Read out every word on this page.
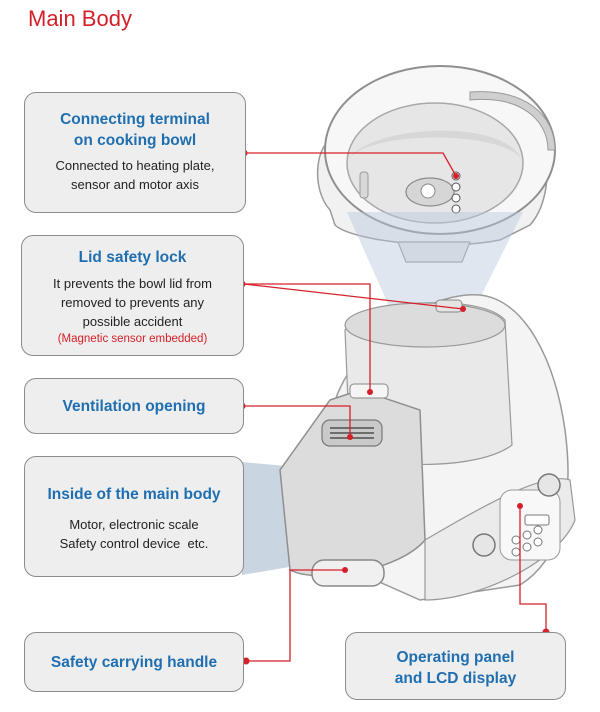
Main Body
Connecting terminal on cooking bowl
Connected to heating plate, sensor and motor axis
Lid safety lock
It prevents the bowl lid from removed to prevents any possible accident
(Magnetic sensor embedded)
Ventilation opening
Inside of the main body
Motor, electronic scale
Safety control device  etc.
Safety carrying handle	Operating panel and LCD display
